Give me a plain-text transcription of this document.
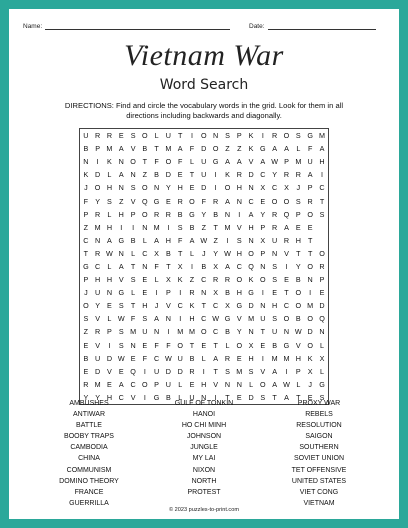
Name:	Date:
Vietnam War
Word Search
DIRECTIONS: Find and circle the vocabulary words in the grid. Look for them in all directions including backwards and diagonally.
U	R	R	E	S	O	L	U	T	I	O	N	S	P	K	I	R	O	S	G	M
B	P	M	A	V	B	T	M	A	F	D	O	Z	Z	K	G	A	A	L	F	A
N	I	K	N	O	T	F	O	F	L	U	G	A	A	V	A	W	P	M	U	H
K	D	L	A	N	Z	B	D	E	T	U	I	K	R	D	C	Y	R	R	A	I
J	O	H	N	S	O	N	Y	H	E	D	I	O	H	N	X	C	X	J	P	C
F	Y	S	Z	V	Q	G	E	R	O	F	R	A	N	C	E	O	O	S	R	T
P	R	L	H	P	O	R	R	B	G	Y	B	N	I	A	Y	R	Q	P	O	S
Z	M	H	I	I	N	M	I	S	B	Z	T	M	V	H	P	R	A	E	E	
C	N	A	G	B	L	A	H	F	A	W	Z	I	S	N	X	U	R	H	T	
T	R	W	N	L	C	X	B	T	L	J	Y	W	H	O	P	N	V	T	T	O
G	C	L	A	T	N	F	T	X	I	B	X	A	C	Q	N	S	I	Y	O	R
P	H	H	V	S	E	L	X	K	Z	C	R	R	O	K	O	S	E	B	N	P
J	U	N	G	L	E	I	P	I	R	N	X	B	H	G	I	E	T	O	I	E
O	Y	E	S	T	H	J	V	C	K	T	C	X	G	D	N	H	C	O	M	D
S	V	L	W	F	S	A	N	I	H	C	W	G	V	M	U	S	O	B	O	Q
Z	R	P	S	M	U	N	I	M	M	O	C	B	Y	N	T	U	N	W	D	N
E	V	I	S	N	E	F	F	O	T	E	T	L	O	X	E	B	G	V	O	L
B	U	D	W	E	F	C	W	U	B	L	A	R	E	H	I	M	M	H	K	X
E	D	V	E	Q	I	U	D	D	R	I	T	S	M	S	V	A	I	P	X	L
R	M	E	A	C	O	P	U	L	E	H	V	N	N	L	O	A	W	L	J	G
Y	Y	H	C	V	I	G	B	L	U	N	I	T	E	D	S	T	A	T	E	S
AMBUSHES
ANTIWAR
BATTLE
BOOBY TRAPS
CAMBODIA
CHINA
COMMUNISM
DOMINO THEORY
FRANCE
GUERRILLA
GULF OF TONKIN
HANOI
HO CHI MINH
JOHNSON
JUNGLE
MY LAI
NIXON
NORTH
PROTEST
PROXY WAR
REBELS
RESOLUTION
SAIGON
SOUTHERN
SOVIET UNION
TET OFFENSIVE
UNITED STATES
VIET CONG
VIETNAM
© 2023 puzzles-to-print.com
